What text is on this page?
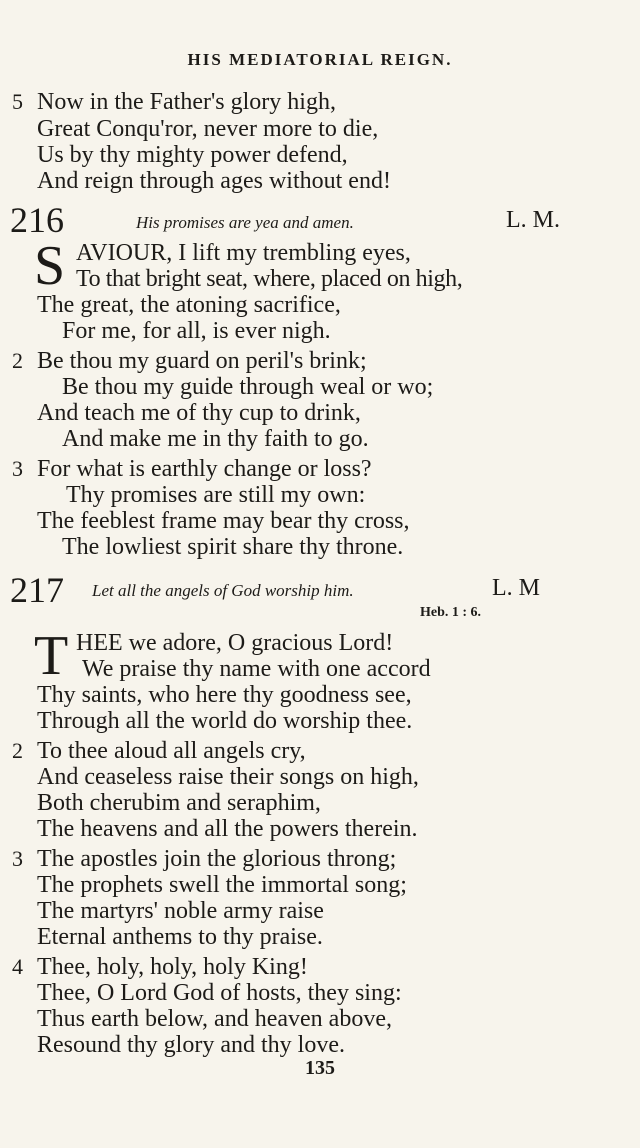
HIS MEDIATORIAL REIGN.
5 Now in the Father's glory high,
Great Conqu'ror, never more to die,
Us by thy mighty power defend,
And reign through ages without end!
216	His promises are yea and amen.	L. M.
S AVIOUR, I lift my trembling eyes,
To that bright seat, where, placed on high,
The great, the atoning sacrifice,
For me, for all, is ever nigh.
2 Be thou my guard on peril's brink;
Be thou my guide through weal or wo;
And teach me of thy cup to drink,
And make me in thy faith to go.
3 For what is earthly change or loss?
Thy promises are still my own:
The feeblest frame may bear thy cross,
The lowliest spirit share thy throne.
217 Let all the angels of God worship him.	L. M
Heb. 1 : 6.
T HEE we adore, O gracious Lord!
We praise thy name with one accord
Thy saints, who here thy goodness see,
Through all the world do worship thee.
2 To thee aloud all angels cry,
And ceaseless raise their songs on high,
Both cherubim and seraphim,
The heavens and all the powers therein.
3 The apostles join the glorious throng;
The prophets swell the immortal song;
The martyrs' noble army raise
Eternal anthems to thy praise.
4 Thee, holy, holy, holy King!
Thee, O Lord God of hosts, they sing:
Thus earth below, and heaven above,
Resound thy glory and thy love.
135
